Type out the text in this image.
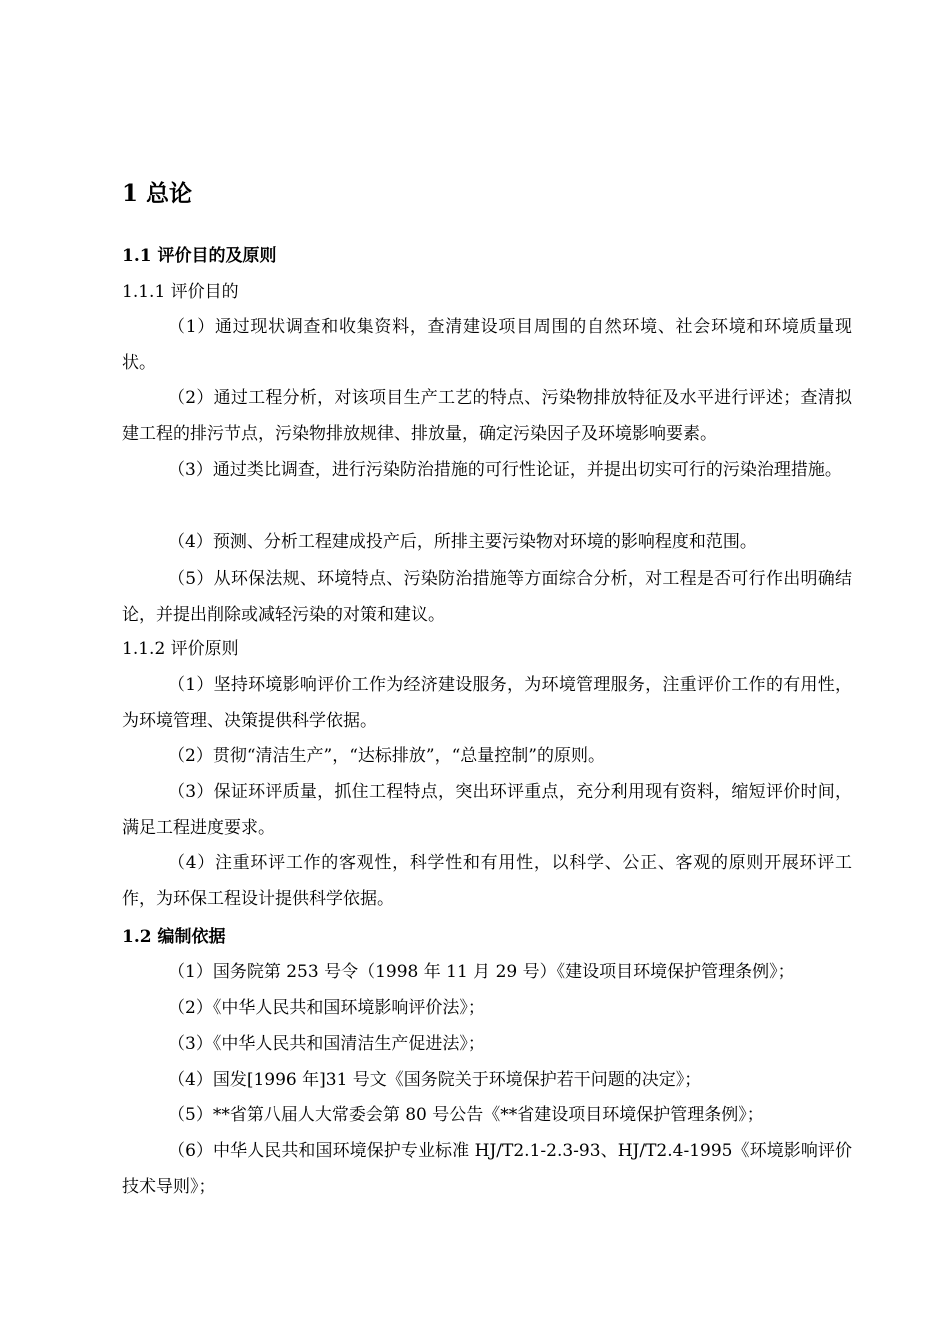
1 总论
1.1 评价目的及原则
1.1.1 评价目的

（1）通过现状调查和收集资料，查清建设项目周围的自然环境、社会环境和环境质量现状。

（2）通过工程分析，对该项目生产工艺的特点、污染物排放特征及水平进行评述；查清拟建工程的排污节点，污染物排放规律、排放量，确定污染因子及环境影响要素。

（3）通过类比调查，进行污染防治措施的可行性论证，并提出切实可行的污染治理措施。

（4）预测、分析工程建成投产后，所排主要污染物对环境的影响程度和范围。

（5）从环保法规、环境特点、污染防治措施等方面综合分析，对工程是否可行作出明确结论，并提出削除或减轻污染的对策和建议。

1.1.2 评价原则

（1）坚持环境影响评价工作为经济建设服务，为环境管理服务，注重评价工作的有用性，为环境管理、决策提供科学依据。

（2）贯彻“清洁生产”，“达标排放”，“总量控制”的原则。

（3）保证环评质量，抓住工程特点，突出环评重点，充分利用现有资料，缩短评价时间，满足工程进度要求。

（4）注重环评工作的客观性，科学性和有用性，以科学、公正、客观的原则开展环评工作，为环保工程设计提供科学依据。

1.2 编制依据

（1）国务院第 253 号令（1998 年 11 月 29 号）《建设项目环境保护管理条例》；

（2）《中华人民共和国环境影响评价法》；

（3）《中华人民共和国清洁生产促进法》；

（4）国发[1996 年]31 号文《国务院关于环境保护若干问题的决定》；

（5）**省第八届人大常委会第 80 号公告《**省建设项目环境保护管理条例》；

（6）中华人民共和国环境保护专业标准 HJ/T2.1-2.3-93、HJ/T2.4-1995《环境影响评价技术导则》；
